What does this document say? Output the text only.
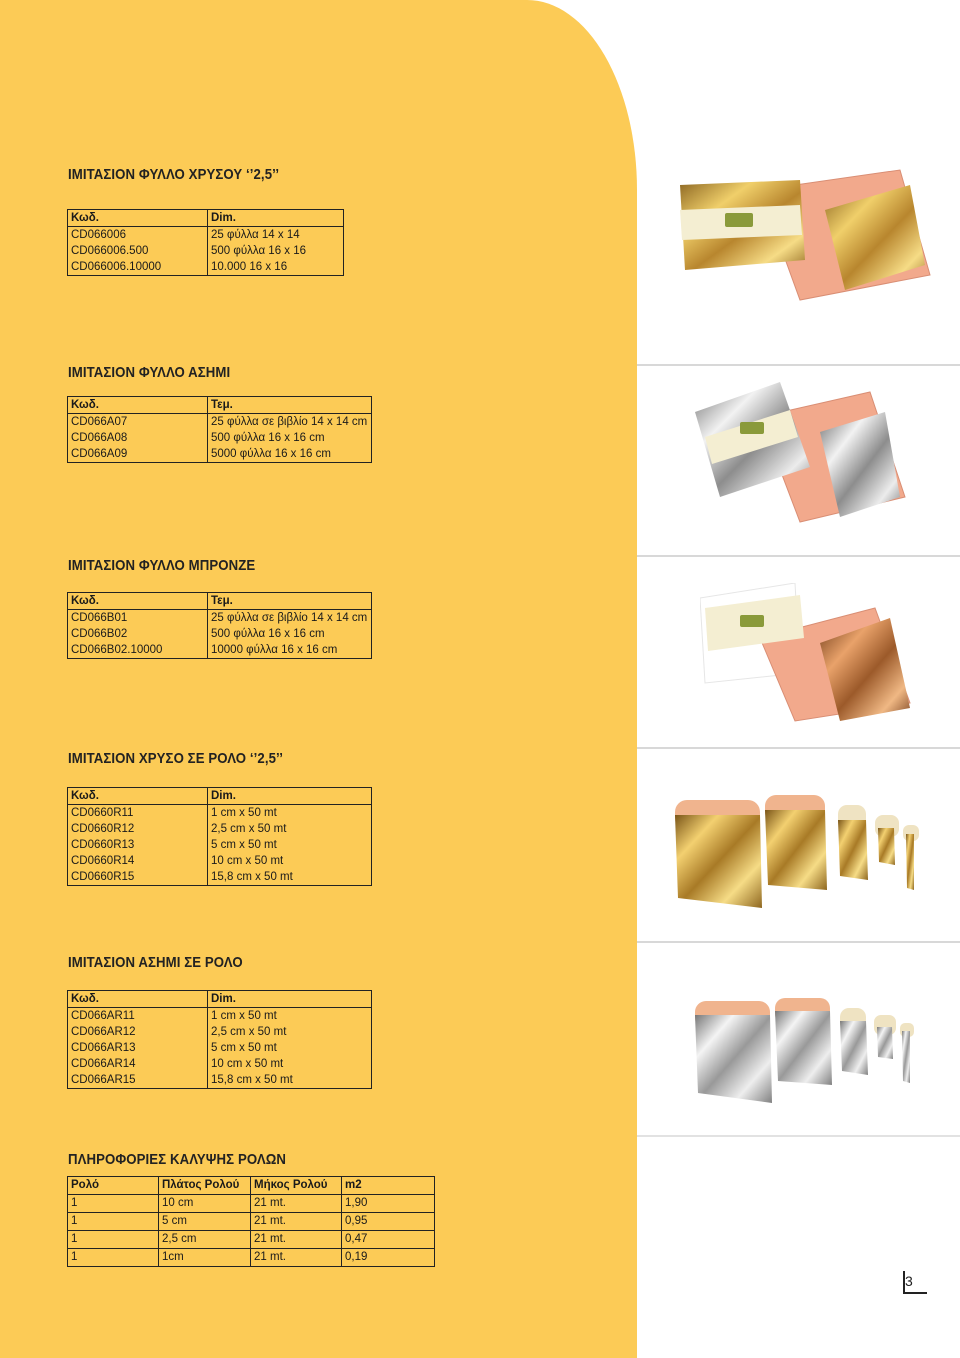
ΙΜΙΤΑΣΙΟΝ ΦΥΛΛΟ ΧΡΥΣΟΥ ‘’2,5’’
Κωδ.	Dim.
CD066006	25 φύλλα 14 x 14
CD066006.500	500 φύλλα 16 x 16
CD066006.10000	10.000 16 x 16
ΙΜΙΤΑΣΙΟΝ ΦΥΛΛΟ ΑΣΗΜΙ
Κωδ.	Τεμ.
CD066A07	25 φύλλα σε βιβλίο 14 x 14 cm
CD066A08	500 φύλλα 16 x 16 cm
CD066A09	5000 φύλλα 16 x 16 cm
ΙΜΙΤΑΣΙΟΝ ΦΥΛΛΟ ΜΠΡΟΝΖΕ
Κωδ.	Τεμ.
CD066B01	25 φύλλα σε βιβλίο 14 x 14 cm
CD066B02	500 φύλλα 16 x 16 cm
CD066B02.10000	10000 φύλλα 16 x 16 cm
ΙΜΙΤΑΣΙΟΝ ΧΡΥΣΟ ΣΕ ΡΟΛΟ ‘’2,5’’
Κωδ.	Dim.
CD0660R11	1 cm x 50 mt
CD0660R12	2,5 cm x 50 mt
CD0660R13	5 cm x 50 mt
CD0660R14	10 cm x 50 mt
CD0660R15	15,8 cm x 50 mt
ΙΜΙΤΑΣΙΟΝ ΑΣΗΜΙ ΣΕ ΡΟΛΟ
Κωδ.	Dim.
CD066AR11	1 cm x 50 mt
CD066AR12	2,5 cm x 50 mt
CD066AR13	5 cm x 50 mt
CD066AR14	10 cm x 50 mt
CD066AR15	15,8 cm x 50 mt
ΠΛΗΡΟΦΟΡΙΕΣ ΚΑΛΥΨΗΣ ΡΟΛΩΝ
Ρολό	Πλάτος Ρολού	Μήκος Ρολού	m2
1	10 cm	21 mt.	1,90
1	5 cm	21 mt.	0,95
1	2,5 cm	21 mt.	0,47
1	1cm	21 mt.	0,19
3
